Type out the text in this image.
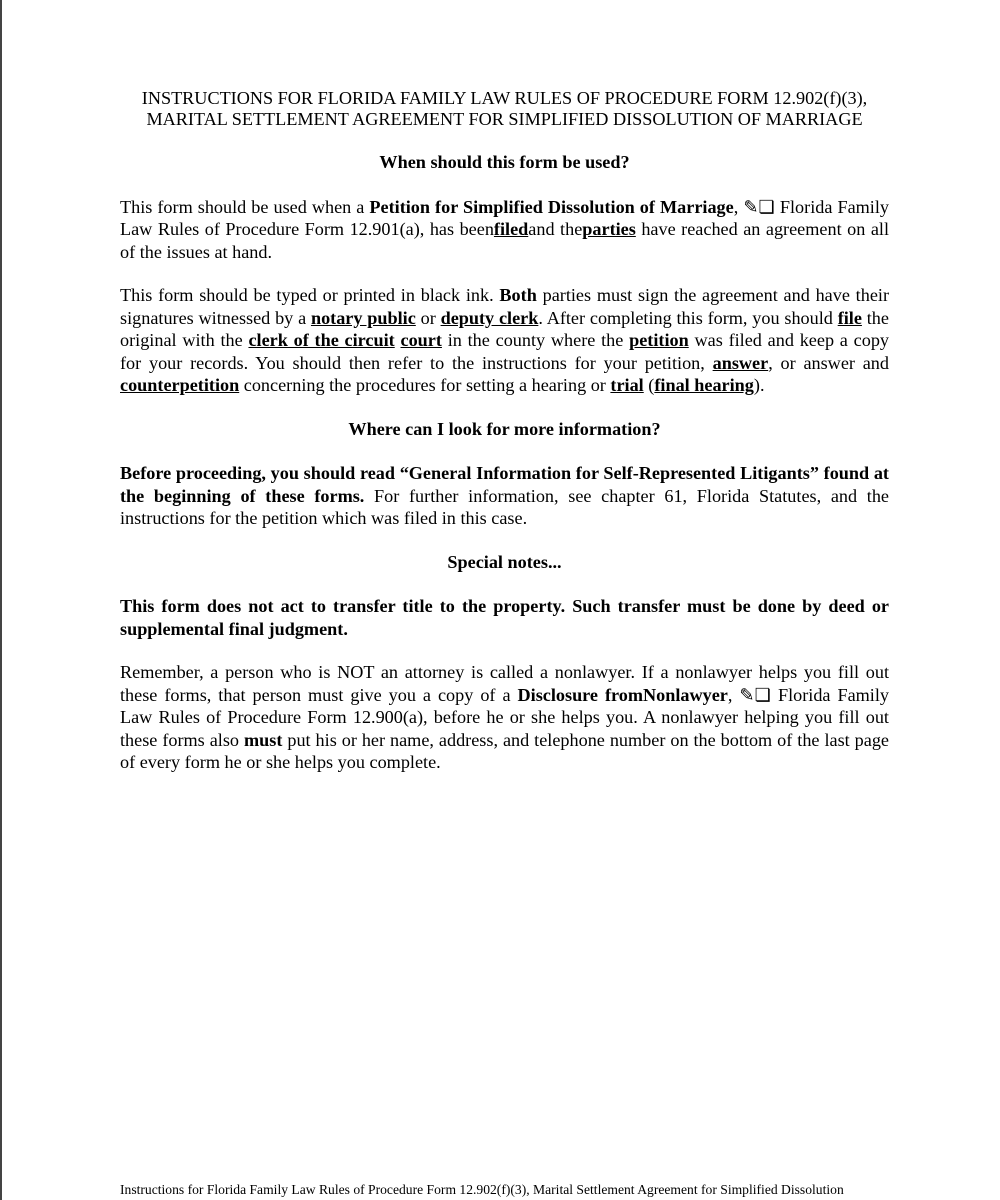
INSTRUCTIONS FOR FLORIDA FAMILY LAW RULES OF PROCEDURE FORM 12.902(f)(3),
MARITAL SETTLEMENT AGREEMENT FOR SIMPLIFIED DISSOLUTION OF MARRIAGE
When should this form be used?

This form should be used when a Petition for Simplified Dissolution of Marriage, ✎❏ Florida Family Law Rules of Procedure Form 12.901(a), has beenfiledand theparties have reached an agreement on all of the issues at hand.

This form should be typed or printed in black ink. Both parties must sign the agreement and have their signatures witnessed by a notary public or deputy clerk. After completing this form, you should file the original with the clerk of the circuit court in the county where the petition was filed and keep a copy for your records. You should then refer to the instructions for your petition, answer, or answer and counterpetition concerning the procedures for setting a hearing or trial (final hearing).

Where can I look for more information?

Before proceeding, you should read “General Information for Self-Represented Litigants” found at the beginning of these forms. For further information, see chapter 61, Florida Statutes, and the instructions for the petition which was filed in this case.

Special notes...

This form does not act to transfer title to the property. Such transfer must be done by deed or supplemental final judgment.

Remember, a person who is NOT an attorney is called a nonlawyer. If a nonlawyer helps you fill out these forms, that person must give you a copy of a Disclosure fromNonlawyer, ✎❏ Florida Family Law Rules of Procedure Form 12.900(a), before he or she helps you. A nonlawyer helping you fill out these forms also must put his or her name, address, and telephone number on the bottom of the last page of every form he or she helps you complete.

Instructions for Florida Family Law Rules of Procedure Form 12.902(f)(3), Marital Settlement Agreement for Simplified Dissolution
